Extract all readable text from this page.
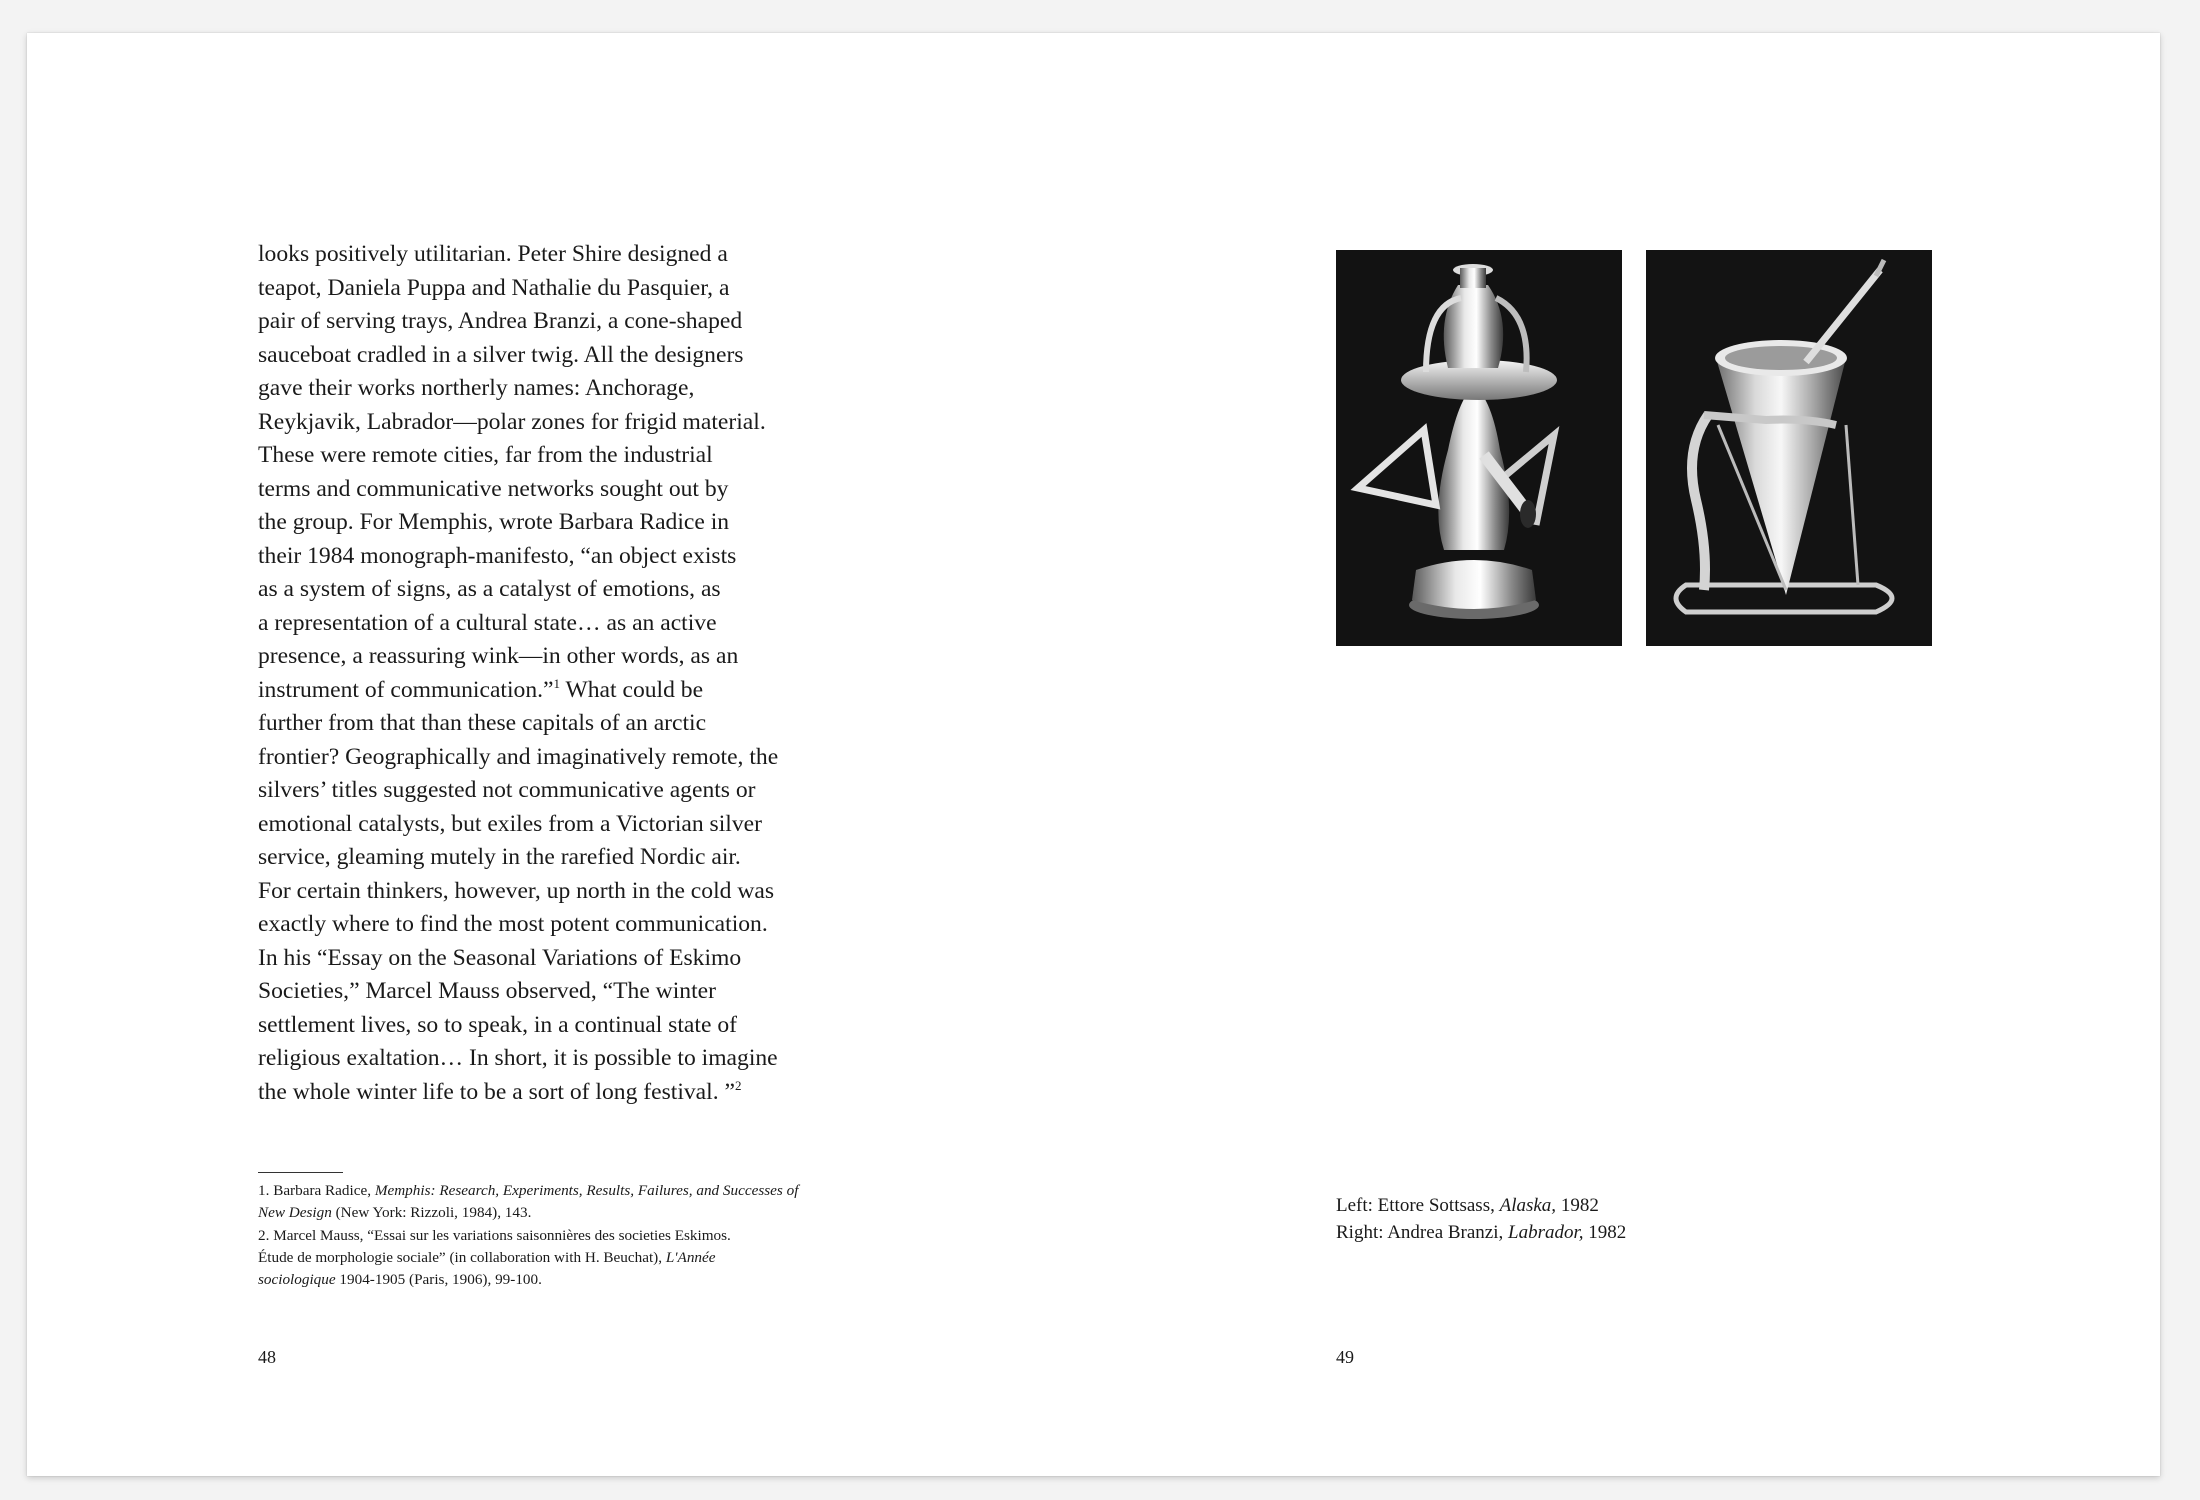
looks positively utilitarian. Peter Shire designed a
teapot, Daniela Puppa and Nathalie du Pasquier, a
pair of serving trays, Andrea Branzi, a cone-shaped
sauceboat cradled in a silver twig. All the designers
gave their works northerly names: Anchorage,
Reykjavik, Labrador—polar zones for frigid material.
These were remote cities, far from the industrial
terms and communicative networks sought out by
the group. For Memphis, wrote Barbara Radice in
their 1984 monograph-manifesto, “an object exists
as a system of signs, as a catalyst of emotions, as
a representation of a cultural state… as an active
presence, a reassuring wink—in other words, as an
instrument of communication.”$^1$ What could be
further from that than these capitals of an arctic
frontier? Geographically and imaginatively remote, the
silvers’ titles suggested not communicative agents or
emotional catalysts, but exiles from a Victorian silver
service, gleaming mutely in the rarefied Nordic air.
For certain thinkers, however, up north in the cold was
exactly where to find the most potent communication.
In his “Essay on the Seasonal Variations of Eskimo
Societies,” Marcel Mauss observed, “The winter
settlement lives, so to speak, in a continual state of
religious exaltation… In short, it is possible to imagine
the whole winter life to be a sort of long festival. ”$^2$
1. Barbara Radice, Memphis: Research, Experiments, Results, Failures, and Successes of
New Design (New York: Rizzoli, 1984), 143.
2. Marcel Mauss, “Essai sur les variations saisonnières des societies Eskimos.
Étude de morphologie sociale” (in collaboration with H. Beuchat), L'Année
sociologique 1904-1905 (Paris, 1906), 99-100.
48	49
Left: Ettore Sottsass, Alaska, 1982
Right: Andrea Branzi, Labrador, 1982
